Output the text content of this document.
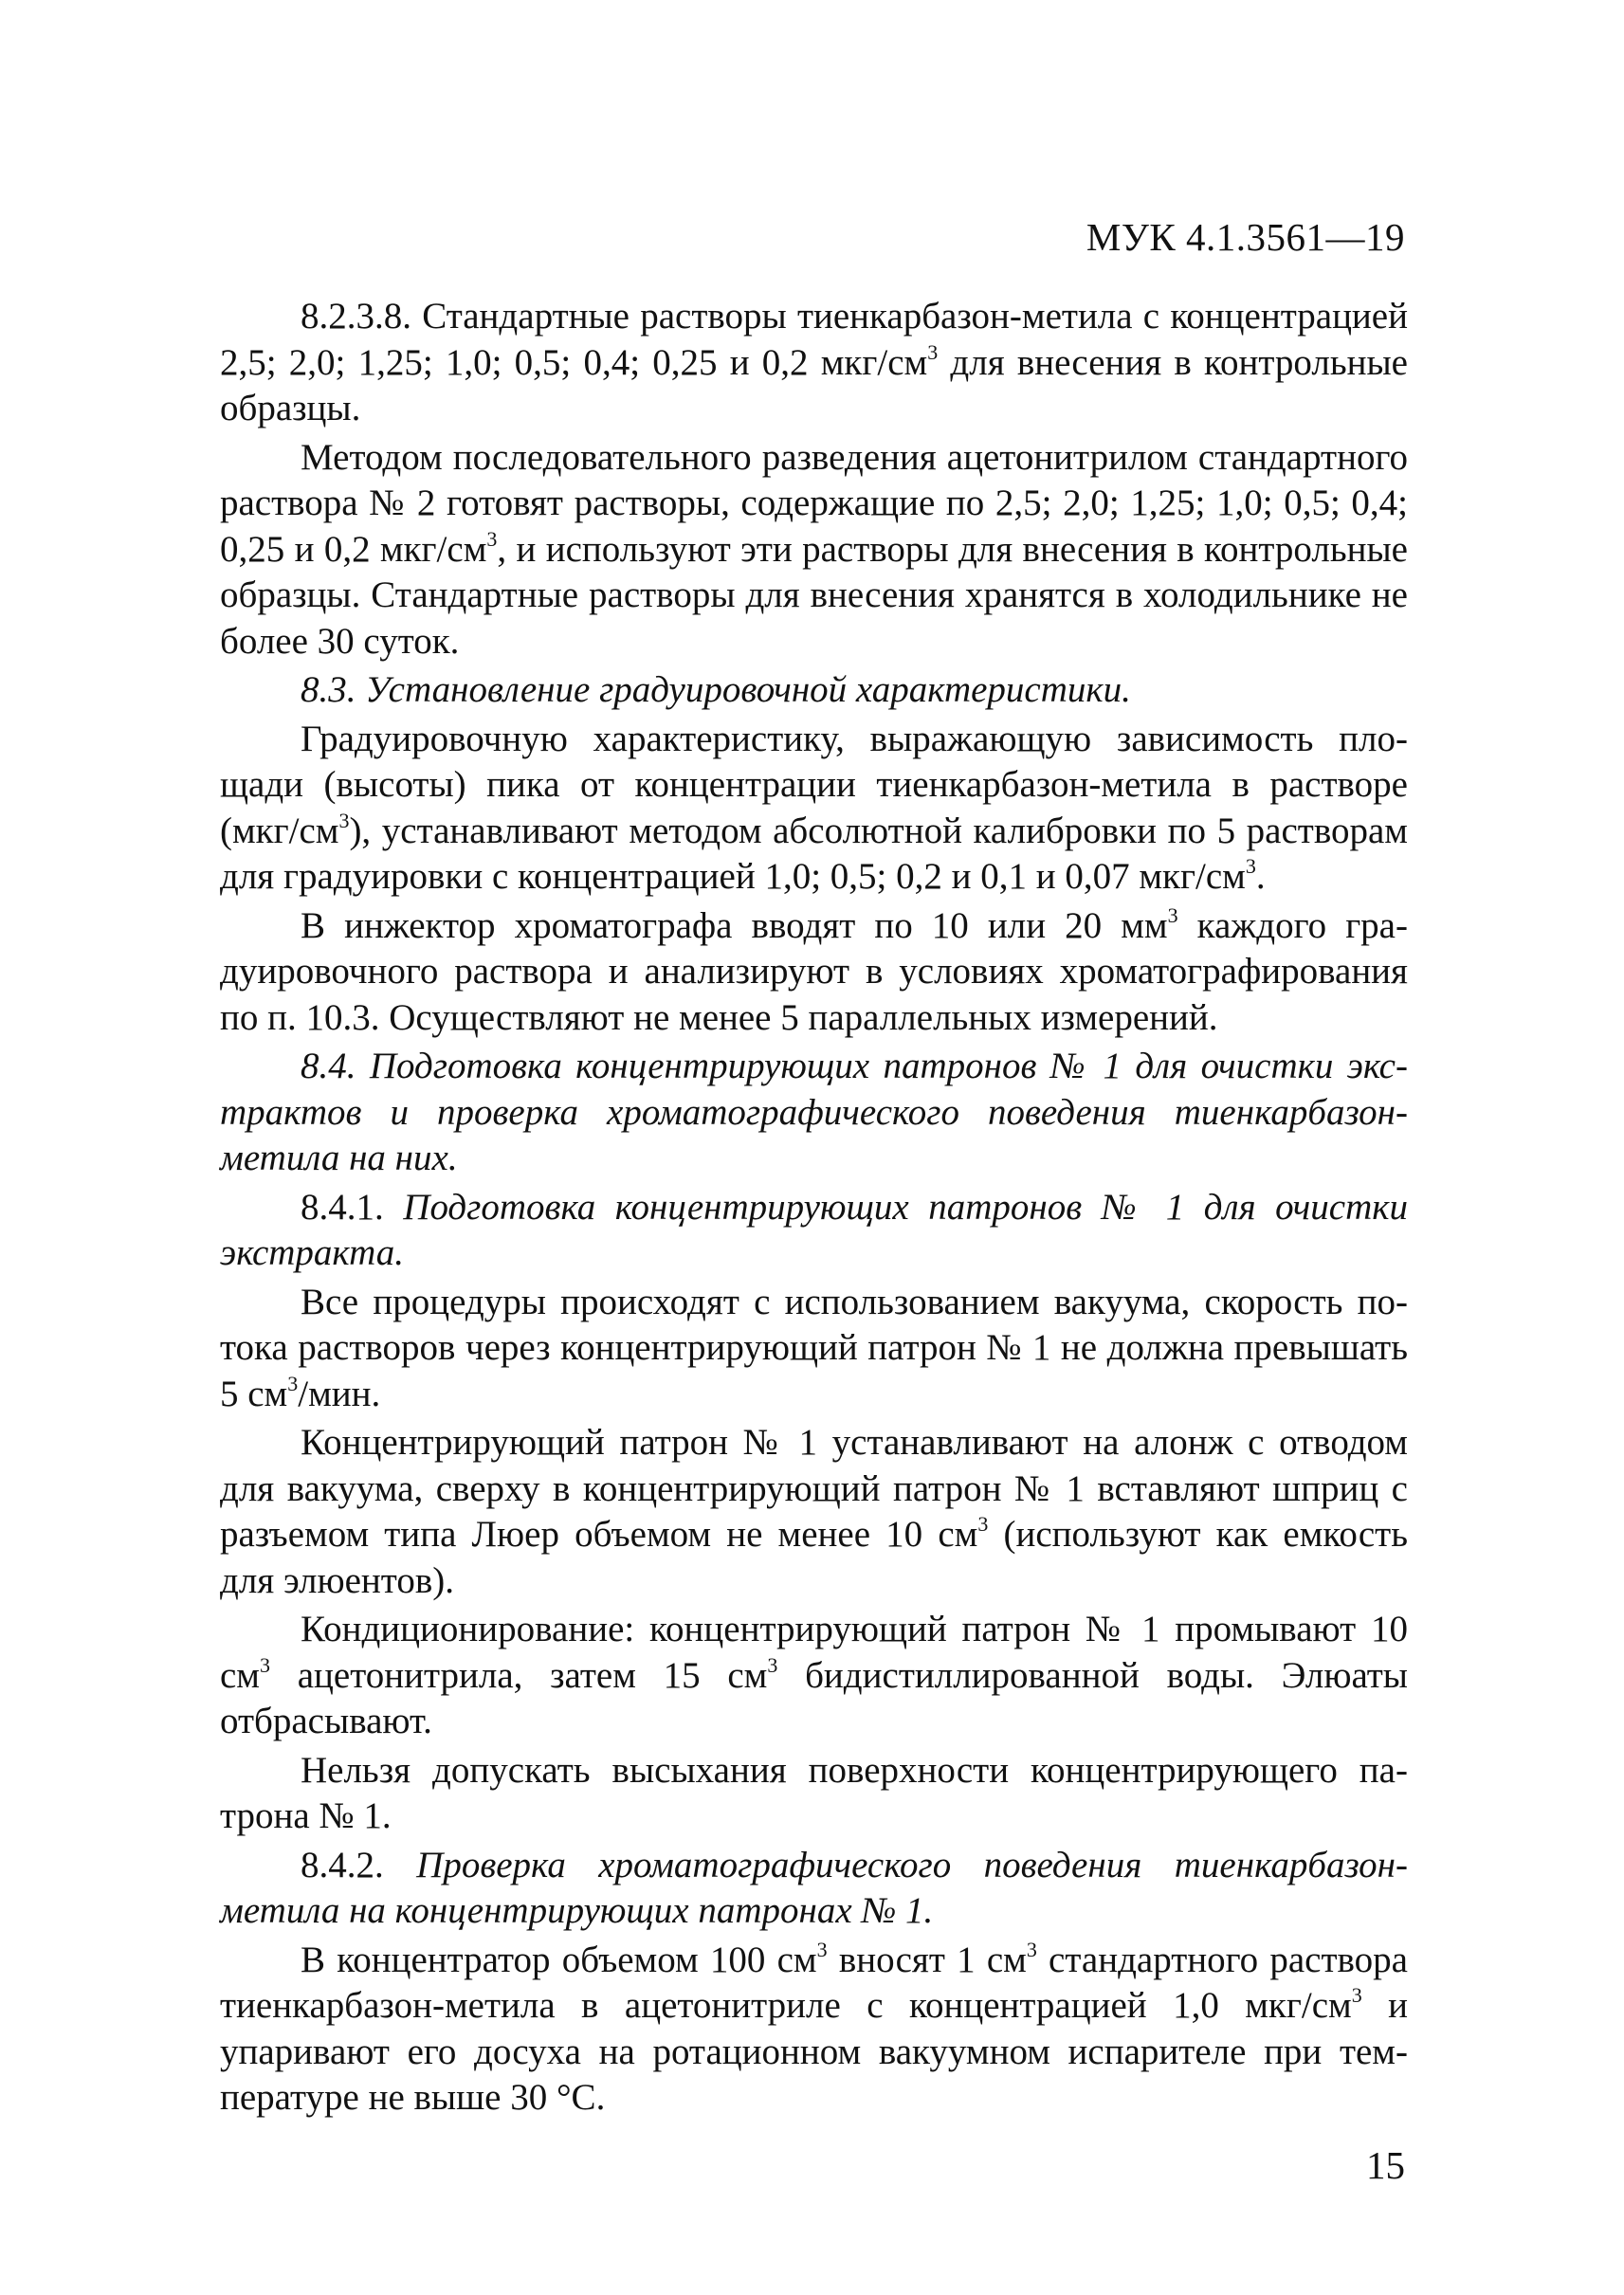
МУК 4.1.3561—19

8.2.3.8. Стандартные растворы тиенкарбазон-метила с концентрацией 2,5; 2,0; 1,25; 1,0; 0,5; 0,4; 0,25 и 0,2 мкг/$см^3$ для внесения в контрольные образцы.

Методом последовательного разведения ацетонитрилом стандартного раствора № 2 готовят растворы, содержащие по 2,5; 2,0; 1,25; 1,0; 0,5; 0,4; 0,25 и 0,2 мкг/$см^3$, и используют эти растворы для внесения в контрольные образцы. Стандартные растворы для внесения хранятся в холодильнике не более 30 суток.

8.3. Установление градуировочной характеристики.

Градуировочную характеристику, выражающую зависимость площади (высоты) пика от концентрации тиенкарбазон-метила в растворе $(мкг/см^3)$, устанавливают методом абсолютной калибровки по 5 растворам для градуировки с концентрацией 1,0; 0,5; 0,2 и 0,1 и 0,07 мкг/$см^3$.

В инжектор хроматографа вводят по 10 или 20 $мм^3$ каждого градуировочного раствора и анализируют в условиях хроматографирования по п. 10.3. Осуществляют не менее 5 параллельных измерений.

8.4. Подготовка концентрирующих патронов № 1 для очистки экстрактов и проверка хроматографического поведения тиенкарбазон-метила на них.

8.4.1. Подготовка концентрирующих патронов № 1 для очистки экстракта.

Все процедуры происходят с использованием вакуума, скорость потока растворов через концентрирующий патрон № 1 не должна превышать 5 $см^3$/мин.

Концентрирующий патрон № 1 устанавливают на алонж с отводом для вакуума, сверху в концентрирующий патрон № 1 вставляют шприц с разъемом типа Люер объемом не менее 10 $см^3$ (используют как емкость для элюентов).

Кондиционирование: концентрирующий патрон № 1 промывают 10 $см^3$ ацетонитрила, затем 15 $см^3$ бидистиллированной воды. Элюаты отбрасывают.

Нельзя допускать высыхания поверхности концентрирующего патрона № 1.

8.4.2. Проверка хроматографического поведения тиенкарбазон-метила на концентрирующих патронах № 1.

В концентратор объемом 100 $см^3$ вносят 1 $см^3$ стандартного раствора тиенкарбазон-метила в ацетонитриле с концентрацией 1,0 мкг/$см^3$ и упаривают его досуха на ротационном вакуумном испарителе при температуре не выше 30 °С.

15
